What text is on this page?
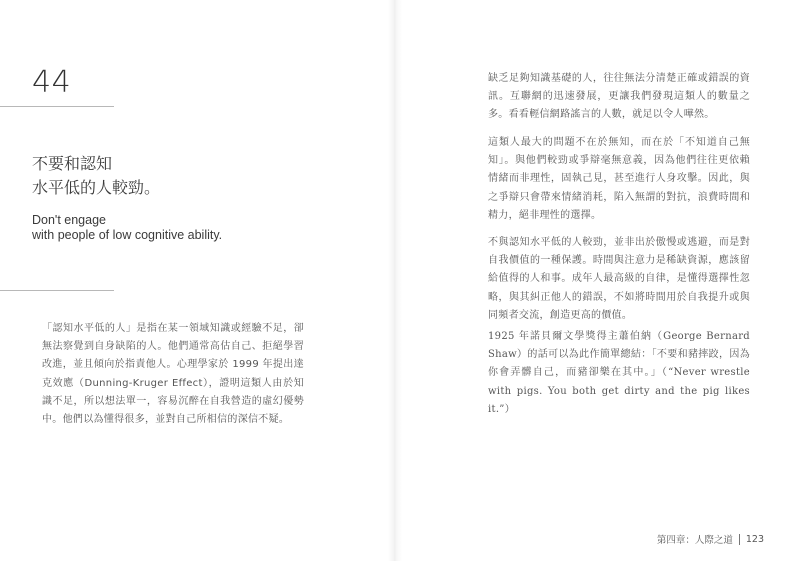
44
不要和認知
水平低的人較勁。
Don't engage
with people of low cognitive ability.
「認知水平低的人」是指在某一領域知識或經驗不足，卻無法察覺到自身缺陷的人。他們通常高估自己、拒絕學習改進，並且傾向於指責他人。心理學家於 1999 年提出達克效應（Dunning-Kruger Effect），證明這類人由於知識不足，所以想法單一，容易沉醉在自我營造的虛幻優勢中。他們以為懂得很多，並對自己所相信的深信不疑。
缺乏足夠知識基礎的人，往往無法分清楚正確或錯誤的資訊。互聯網的迅速發展，更讓我們發現這類人的數量之多。看看輕信網路謠言的人數，就足以令人嘩然。
這類人最大的問題不在於無知，而在於「不知道自己無知」。與他們較勁或爭辯毫無意義，因為他們往往更依賴情緒而非理性，固執己見，甚至進行人身攻擊。因此，與之爭辯只會帶來情緒消耗，陷入無謂的對抗，浪費時間和精力，絕非理性的選擇。
不與認知水平低的人較勁，並非出於傲慢或逃避，而是對自我價值的一種保護。時間與注意力是稀缺資源，應該留給值得的人和事。成年人最高級的自律，是懂得選擇性忽略，與其糾正他人的錯誤，不如將時間用於自我提升或與同頻者交流，創造更高的價值。
1925 年諾貝爾文學獎得主蕭伯納（George Bernard Shaw）的話可以為此作簡單總結：「不要和豬摔跤，因為你會弄髒自己，而豬卻樂在其中。」（“Never wrestle with pigs. You both get dirty and the pig likes it.”）
第四章：人際之道 123
